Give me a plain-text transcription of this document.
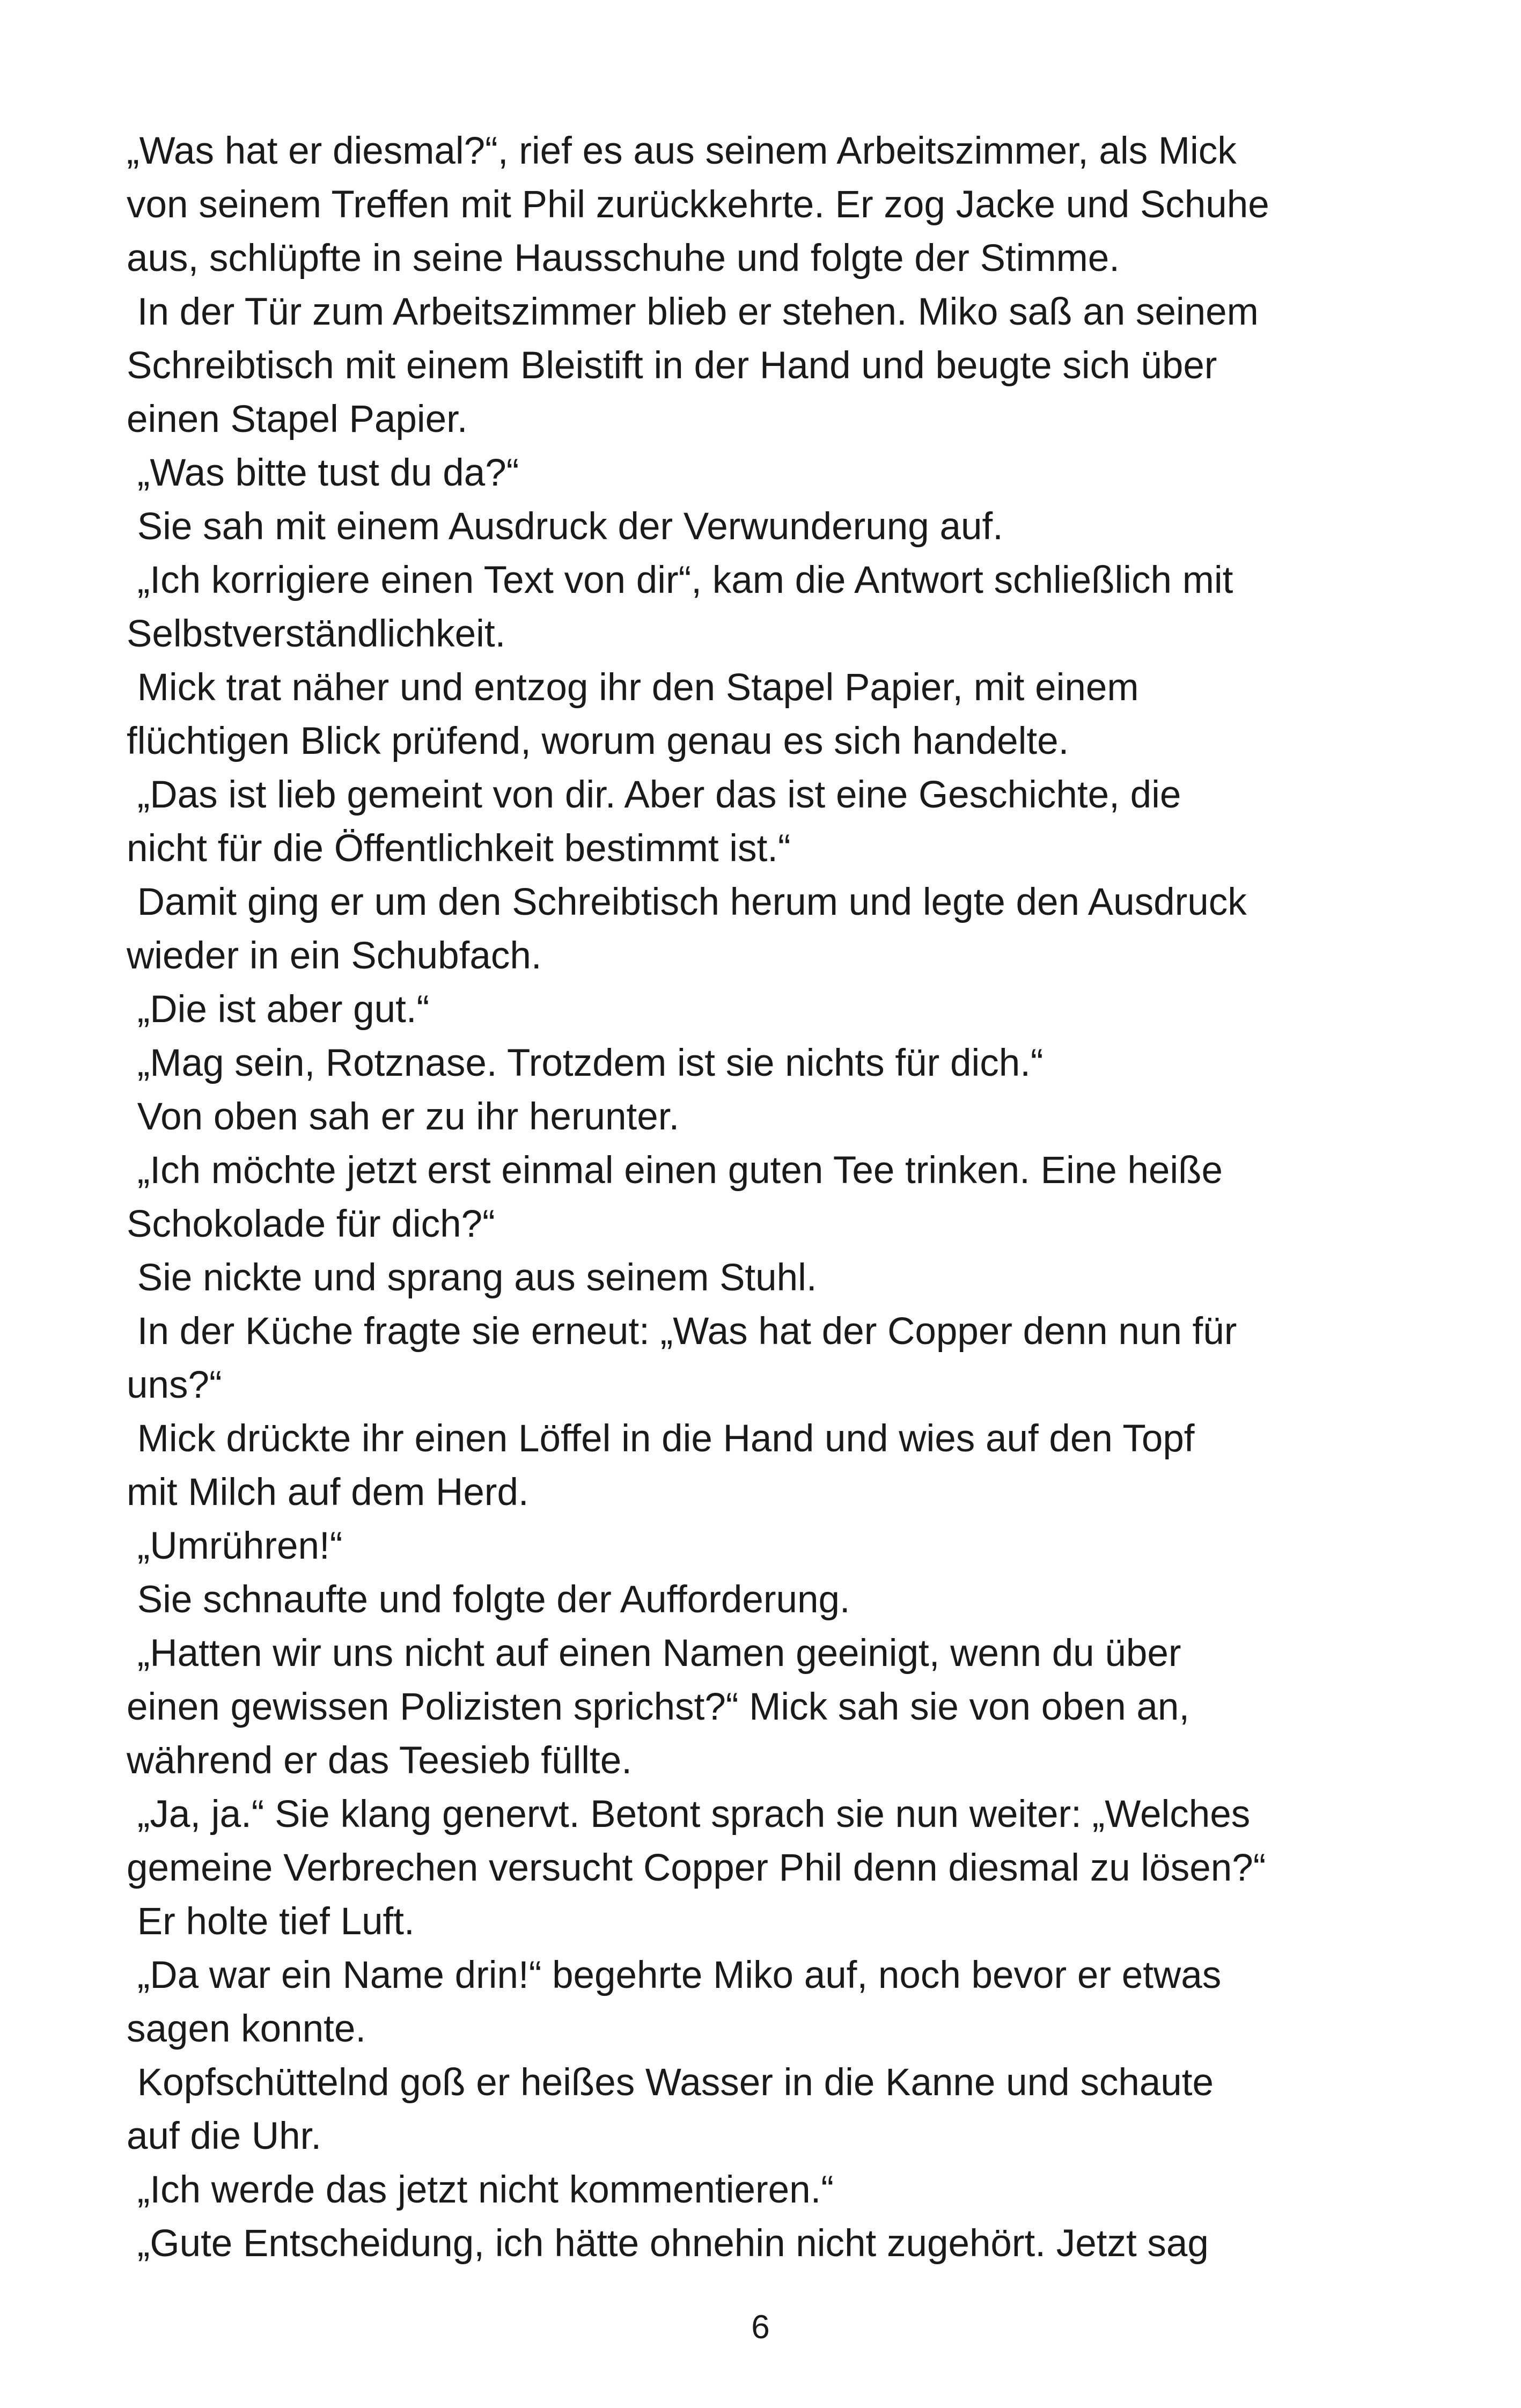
„Was hat er diesmal?“, rief es aus seinem Arbeitszimmer, als Mick
von seinem Treffen mit Phil zurückkehrte. Er zog Jacke und Schuhe
aus, schlüpfte in seine Hausschuhe und folgte der Stimme.
In der Tür zum Arbeitszimmer blieb er stehen. Miko saß an seinem
Schreibtisch mit einem Bleistift in der Hand und beugte sich über
einen Stapel Papier.
„Was bitte tust du da?“
Sie sah mit einem Ausdruck der Verwunderung auf.
„Ich korrigiere einen Text von dir“, kam die Antwort schließlich mit
Selbstverständlichkeit.
Mick trat näher und entzog ihr den Stapel Papier, mit einem
flüchtigen Blick prüfend, worum genau es sich handelte.
„Das ist lieb gemeint von dir. Aber das ist eine Geschichte, die
nicht für die Öffentlichkeit bestimmt ist.“
Damit ging er um den Schreibtisch herum und legte den Ausdruck
wieder in ein Schubfach.
„Die ist aber gut.“
„Mag sein, Rotznase. Trotzdem ist sie nichts für dich.“
Von oben sah er zu ihr herunter.
„Ich möchte jetzt erst einmal einen guten Tee trinken. Eine heiße
Schokolade für dich?“
Sie nickte und sprang aus seinem Stuhl.
In der Küche fragte sie erneut: „Was hat der Copper denn nun für
uns?“
Mick drückte ihr einen Löffel in die Hand und wies auf den Topf
mit Milch auf dem Herd.
„Umrühren!“
Sie schnaufte und folgte der Aufforderung.
„Hatten wir uns nicht auf einen Namen geeinigt, wenn du über
einen gewissen Polizisten sprichst?“ Mick sah sie von oben an,
während er das Teesieb füllte.
„Ja, ja.“ Sie klang genervt. Betont sprach sie nun weiter: „Welches
gemeine Verbrechen versucht Copper Phil denn diesmal zu lösen?“
Er holte tief Luft.
„Da war ein Name drin!“ begehrte Miko auf, noch bevor er etwas
sagen konnte.
Kopfschüttelnd goß er heißes Wasser in die Kanne und schaute
auf die Uhr.
„Ich werde das jetzt nicht kommentieren.“
„Gute Entscheidung, ich hätte ohnehin nicht zugehört. Jetzt sag
6
